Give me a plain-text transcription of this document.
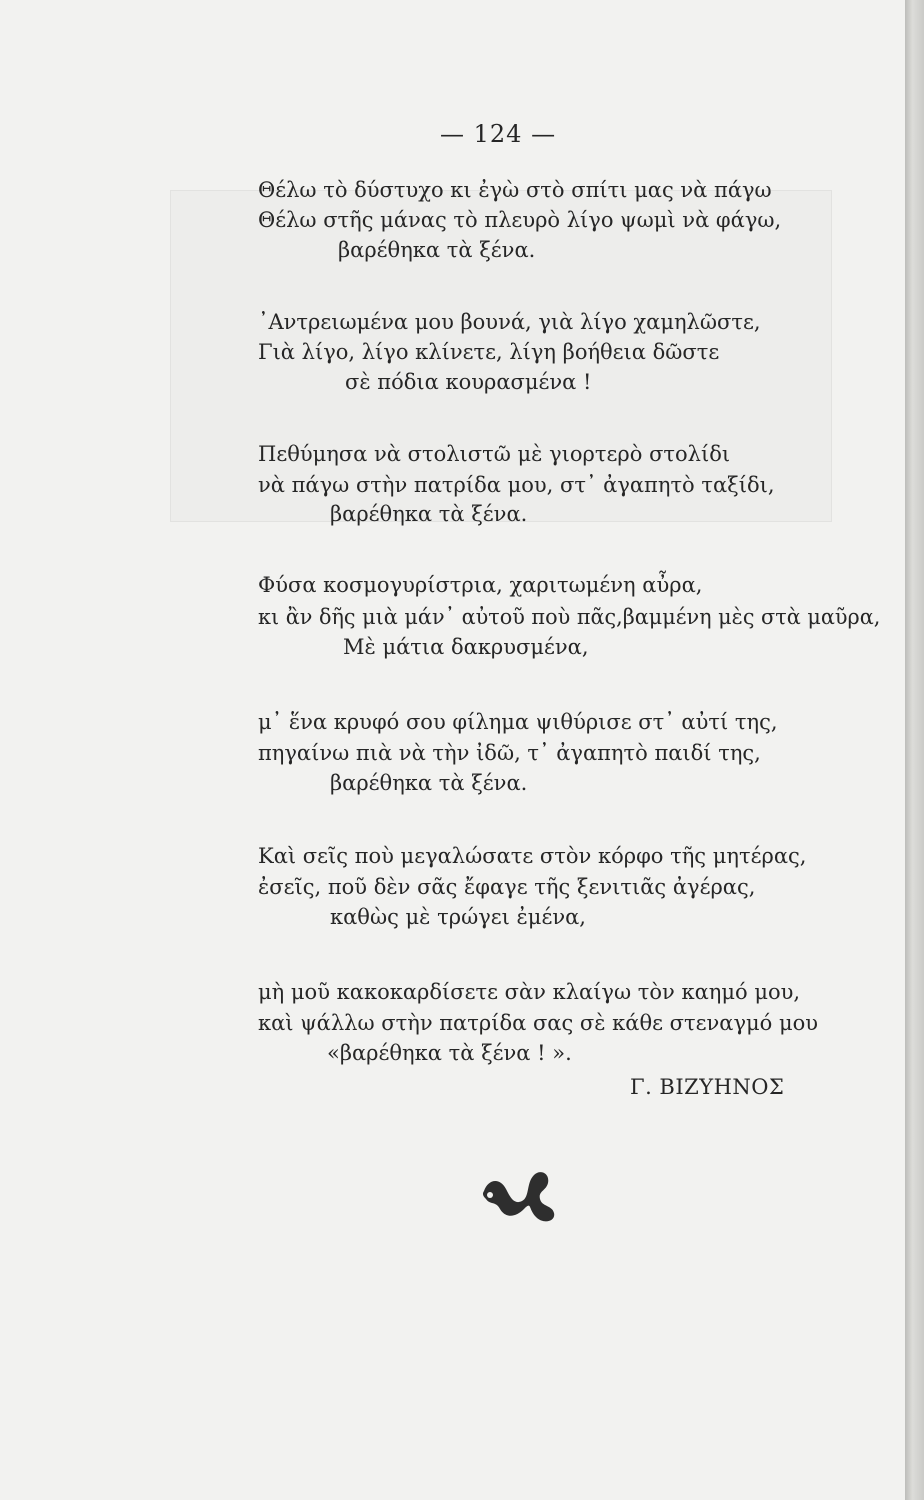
— 124 —
Θέλω τὸ δύστυχο κι ἐγὼ στὸ σπίτι μας νὰ πάγω
Θέλω στῆς μάνας τὸ πλευρὸ λίγο ψωμὶ νὰ φάγω,
βαρέθηκα τὰ ξένα.
᾿Αντρειωμένα μου βουνά, γιὰ λίγο χαμηλῶστε,
Γιὰ λίγο, λίγο κλίνετε, λίγη βοήθεια δῶστε
σὲ πόδια κουρασμένα !
Πεθύμησα νὰ στολιστῶ μὲ γιορτερὸ στολίδι
νὰ πάγω στὴν πατρίδα μου, στ᾿ ἀγαπητὸ ταξίδι,
βαρέθηκα τὰ ξένα.
Φύσα κοσμογυρίστρια, χαριτωμένη αὖρα,
κι ἂν δῆς μιὰ μάν᾿ αὐτοῦ ποὺ πᾶς,βαμμένη μὲς στὰ μαῦρα,
Μὲ μάτια δακρυσμένα,
μ᾿ ἕνα κρυφό σου φίλημα ψιθύρισε στ᾿ αὐτί της,
πηγαίνω πιὰ νὰ τὴν ἰδῶ, τ᾿ ἀγαπητὸ παιδί της,
βαρέθηκα τὰ ξένα.
Καὶ σεῖς ποὺ μεγαλώσατε στὸν κόρφο τῆς μητέρας,
ἐσεῖς, ποῦ δὲν σᾶς ἔφαγε τῆς ξενιτιᾶς ἀγέρας,
καθὼς μὲ τρώγει ἐμένα,
μὴ μοῦ κακοκαρδίσετε σὰν κλαίγω τὸν καημό μου,
καὶ ψάλλω στὴν πατρίδα σας σὲ κάθε στεναγμό μου
«βαρέθηκα τὰ ξένα ! ».
Γ. ΒΙΖΥΗΝΟΣ
